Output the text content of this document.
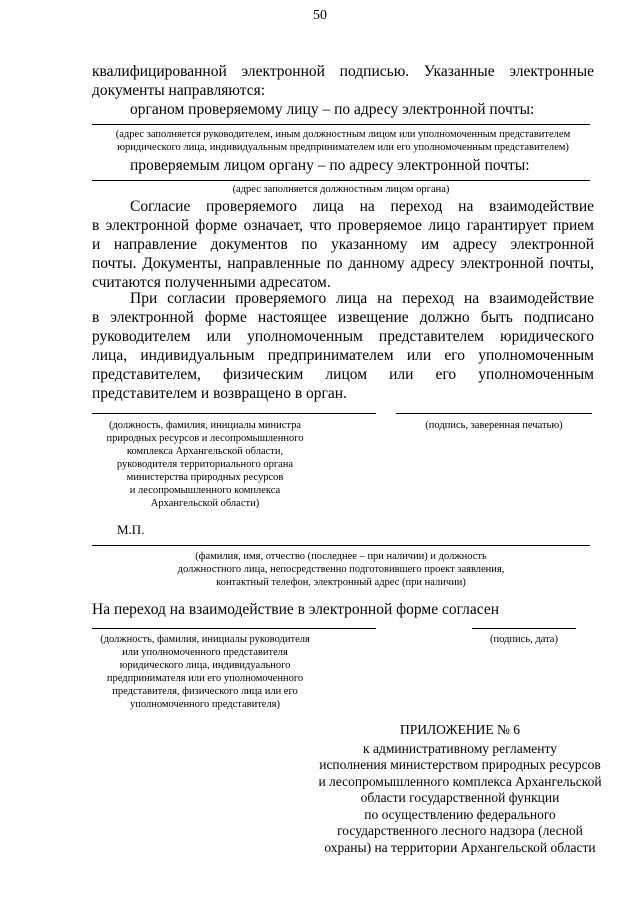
50
квалифицированной электронной подписью. Указанные электронные
документы направляются:
органом проверяемому лицу – по адресу электронной почты:
(адрес заполняется руководителем, иным должностным лицом или уполномоченным представителем
юридического лица, индивидуальным предпринимателем или его уполномоченным представителем)
проверяемым лицом органу – по адресу электронной почты:
(адрес заполняется должностным лицом органа)
Согласие проверяемого лица на переход на взаимодействие
в электронной форме означает, что проверяемое лицо гарантирует прием
и направление документов по указанному им адресу электронной
почты. Документы, направленные по данному адресу электронной почты,
считаются полученными адресатом.
При согласии проверяемого лица на переход на взаимодействие
в электронной форме настоящее извещение должно быть подписано
руководителем или уполномоченным представителем юридического
лица, индивидуальным предпринимателем или его уполномоченным
представителем, физическим лицом или его уполномоченным
представителем и возвращено в орган.
(должность, фамилия, инициалы министра
природных ресурсов и лесопромышленного
комплекса Архангельской области,
руководителя территориального органа
министерства природных ресурсов
и лесопромышленного комплекса
Архангельской области)
(подпись, заверенная печатью)
М.П.
(фамилия, имя, отчество (последнее – при наличии) и должность
должностного лица, непосредственно подготовившего проект заявления,
контактный телефон, электронный адрес (при наличии)
На переход на взаимодействие в электронной форме согласен
(должность, фамилия, инициалы руководителя
или уполномоченного представителя
юридического лица, индивидуального
предпринимателя или его уполномоченного
представителя, физического лица или его
уполномоченного представителя)
(подпись, дата)
ПРИЛОЖЕНИЕ № 6
к административному регламенту
исполнения министерством природных ресурсов
и лесопромышленного комплекса Архангельской
области государственной функции
по осуществлению федерального
государственного лесного надзора (лесной
охраны) на территории Архангельской области
